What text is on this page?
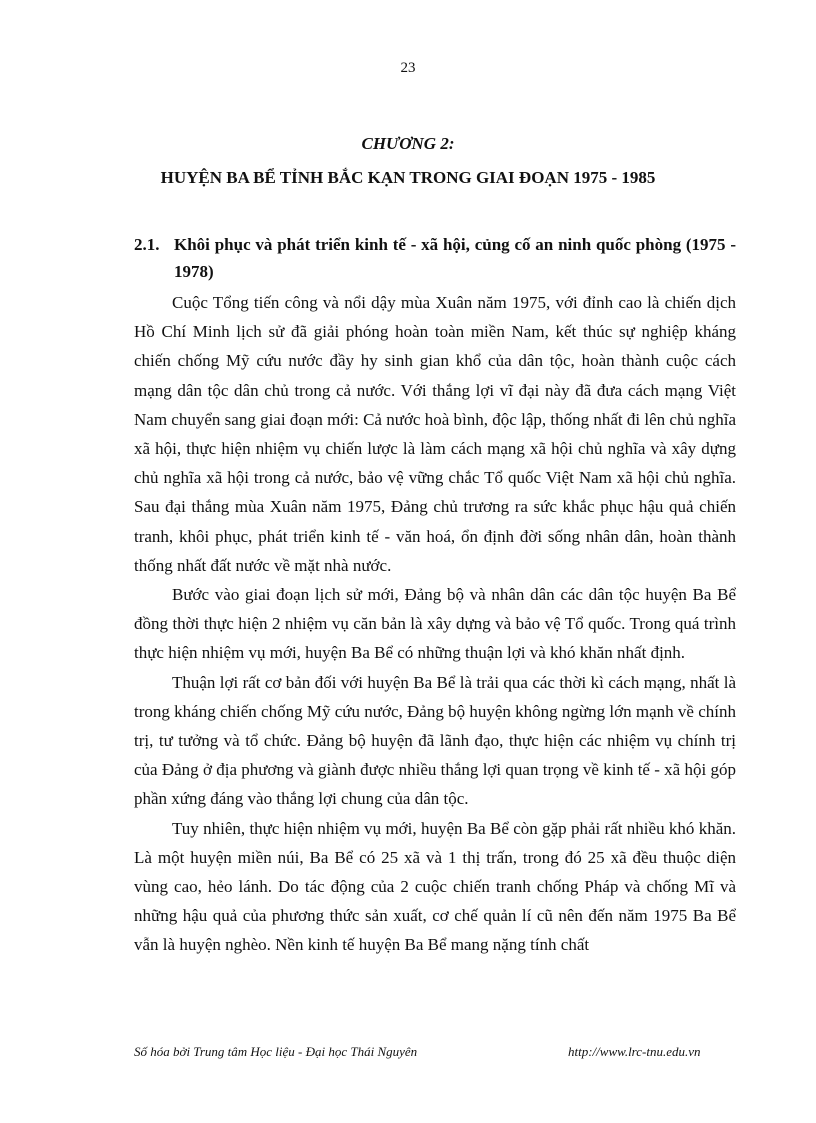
23
CHƯƠNG 2:
HUYỆN BA BỂ TỈNH BẮC KẠN TRONG GIAI ĐOẠN 1975 - 1985
2.1. Khôi phục và phát triển kinh tế - xã hội, củng cố an ninh quốc phòng (1975 - 1978)

Cuộc Tổng tiến công và nổi dậy mùa Xuân năm 1975, với đỉnh cao là chiến dịch Hồ Chí Minh lịch sử đã giải phóng hoàn toàn miền Nam, kết thúc sự nghiệp kháng chiến chống Mỹ cứu nước đầy hy sinh gian khổ của dân tộc, hoàn thành cuộc cách mạng dân tộc dân chủ trong cả nước. Với thắng lợi vĩ đại này đã đưa cách mạng Việt Nam chuyển sang giai đoạn mới: Cả nước hoà bình, độc lập, thống nhất đi lên chủ nghĩa xã hội, thực hiện nhiệm vụ chiến lược là làm cách mạng xã hội chủ nghĩa và xây dựng chủ nghĩa xã hội trong cả nước, bảo vệ vững chắc Tổ quốc Việt Nam xã hội chủ nghĩa. Sau đại thắng mùa Xuân năm 1975, Đảng chủ trương ra sức khắc phục hậu quả chiến tranh, khôi phục, phát triển kinh tế - văn hoá, ổn định đời sống nhân dân, hoàn thành thống nhất đất nước về mặt nhà nước.

Bước vào giai đoạn lịch sử mới, Đảng bộ và nhân dân các dân tộc huyện Ba Bể đồng thời thực hiện 2 nhiệm vụ căn bản là xây dựng và bảo vệ Tổ quốc. Trong quá trình thực hiện nhiệm vụ mới, huyện Ba Bể có những thuận lợi và khó khăn nhất định.

Thuận lợi rất cơ bản đối với huyện Ba Bể là trải qua các thời kì cách mạng, nhất là trong kháng chiến chống Mỹ cứu nước, Đảng bộ huyện không ngừng lớn mạnh về chính trị, tư tưởng và tổ chức. Đảng bộ huyện đã lãnh đạo, thực hiện các nhiệm vụ chính trị của Đảng ở địa phương và giành được nhiều thắng lợi quan trọng về kinh tế - xã hội góp phần xứng đáng vào thắng lợi chung của dân tộc.

Tuy nhiên, thực hiện nhiệm vụ mới, huyện Ba Bể còn gặp phải rất nhiều khó khăn. Là một huyện miền núi, Ba Bể có 25 xã và 1 thị trấn, trong đó 25 xã đều thuộc diện vùng cao, hẻo lánh. Do tác động của 2 cuộc chiến tranh chống Pháp và chống Mĩ và những hậu quả của phương thức sản xuất, cơ chế quản lí cũ nên đến năm 1975 Ba Bể vẫn là huyện nghèo. Nền kinh tế huyện Ba Bể mang nặng tính chất

Số hóa bởi Trung tâm Học liệu - Đại học Thái Nguyên	http://www.lrc-tnu.edu.vn
